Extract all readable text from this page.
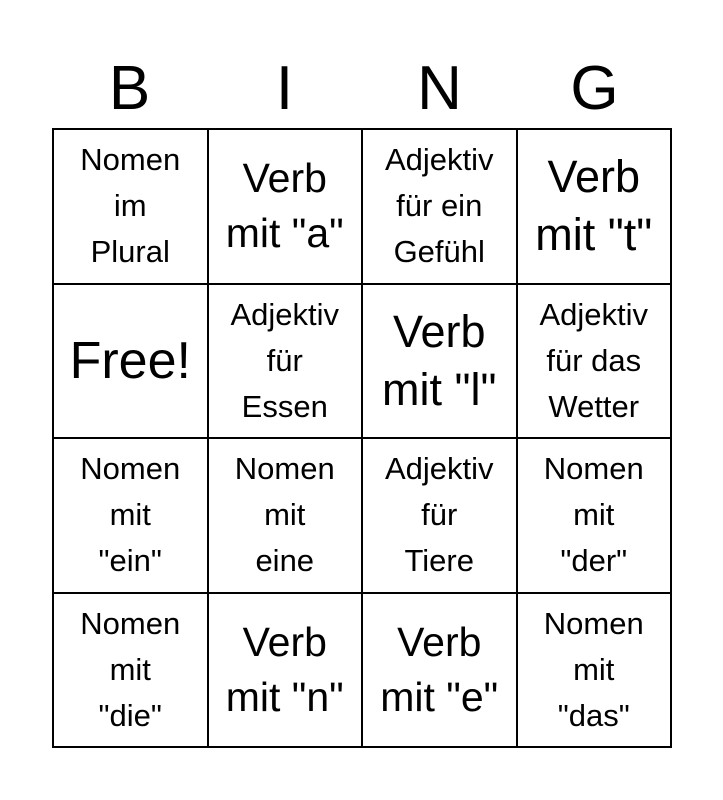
B	I	N	G
Nomen
im
Plural
Verb
mit "a"
Adjektiv
für ein
Gefühl
Verb
mit "t"
Free!
Adjektiv
für
Essen
Verb
mit "l"
Adjektiv
für das
Wetter
Nomen
mit
"ein"
Nomen
mit
eine
Adjektiv
für
Tiere
Nomen
mit
"der"
Nomen
mit
"die"
Verb
mit "n"
Verb
mit "e"
Nomen
mit
"das"
